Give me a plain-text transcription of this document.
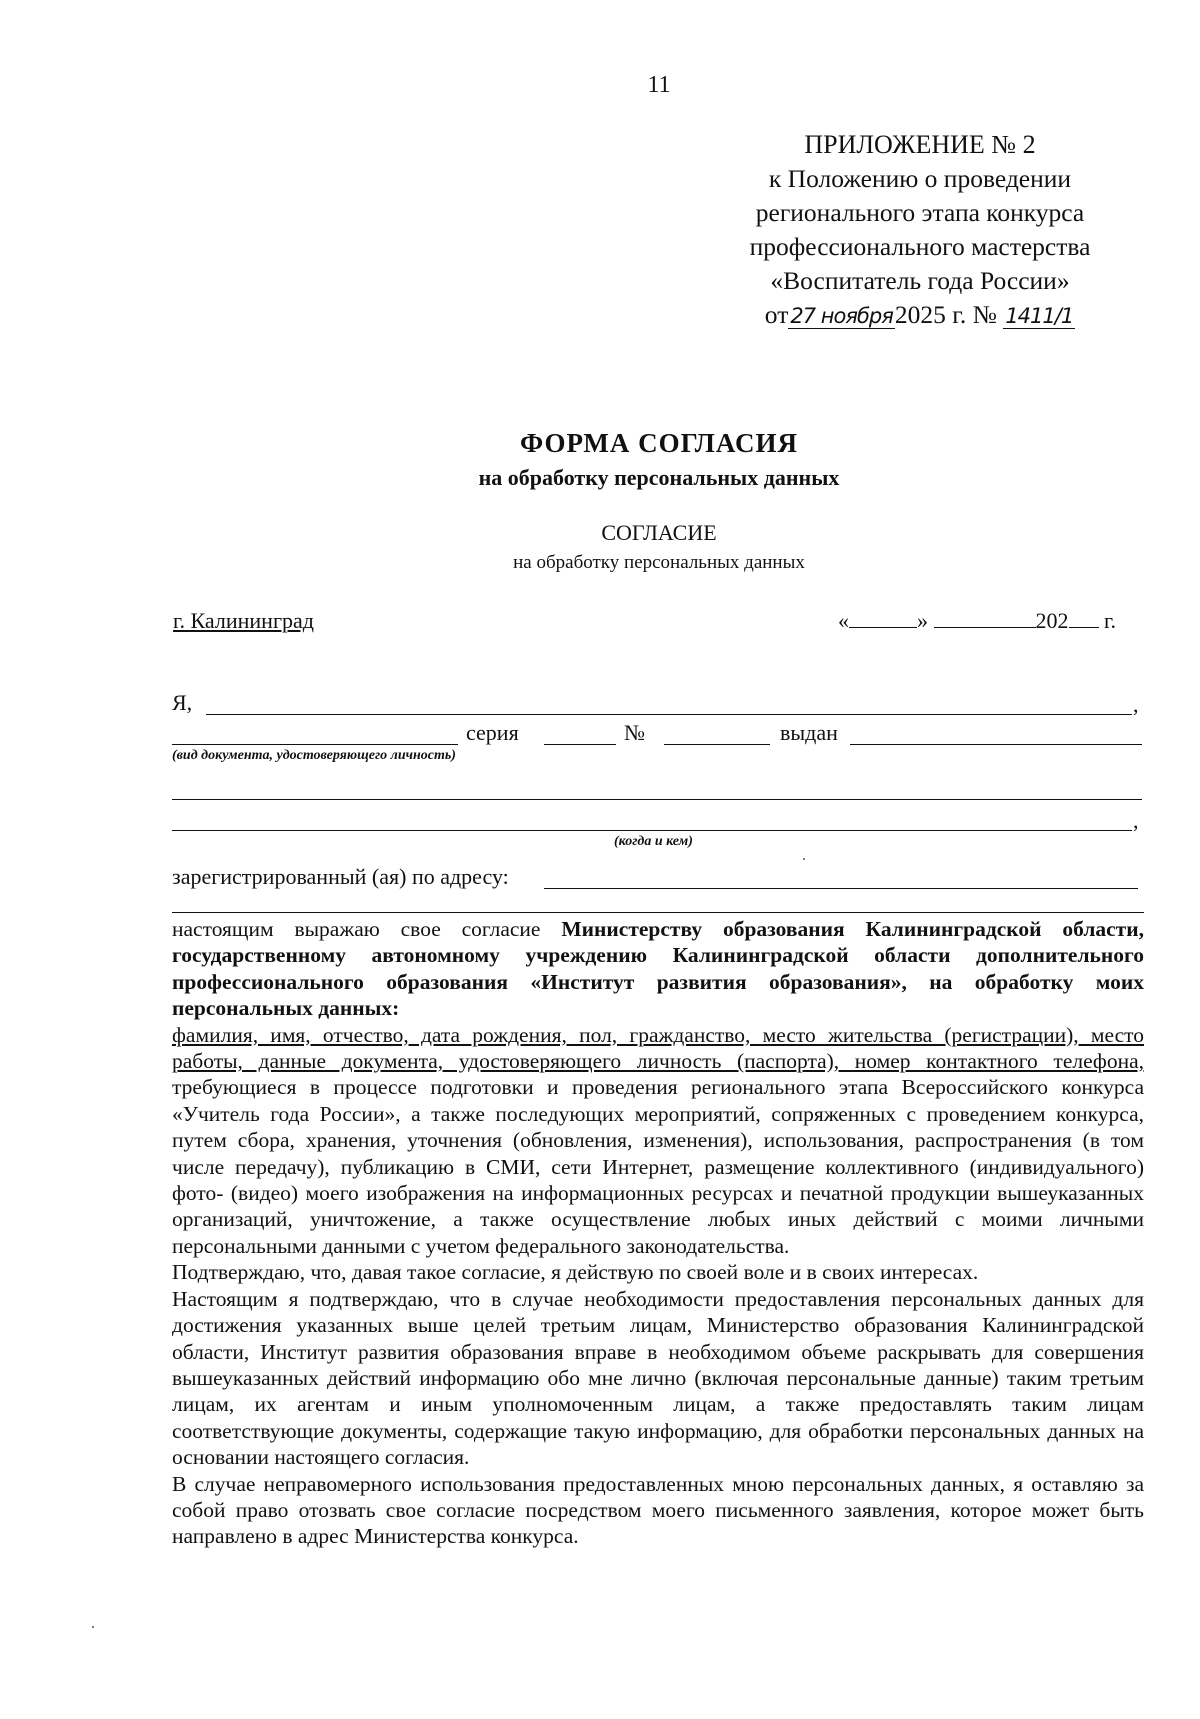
11
ПРИЛОЖЕНИЕ № 2
к Положению о проведении
регионального этапа конкурса
профессионального мастерства
«Воспитатель года России»
от27 ноября2025 г. № 1411/1
ФОРМА СОГЛАСИЯ
на обработку персональных данных
СОГЛАСИЕ
на обработку персональных данных
г. Калининград	«	»	202 г.
Я,	,
серия	№	выдан
(вид документа, удостоверяющего личность)
,
(когда и кем)
зарегистрированный (ая) по адресу:

настоящим выражаю свое согласие Министерству образования Калининградской области, государственному автономному учреждению Калининградской области дополнительного профессионального образования «Институт развития образования», на обработку моих персональных данных:

фамилия, имя, отчество, дата рождения, пол, гражданство, место жительства (регистрации), место работы, данные документа, удостоверяющего личность (паспорта), номер контактного телефона, требующиеся в процессе подготовки и проведения регионального этапа Всероссийского конкурса «Учитель года России», а также последующих мероприятий, сопряженных с проведением конкурса, путем сбора, хранения, уточнения (обновления, изменения), использования, распространения (в том числе передачу), публикацию в СМИ, сети Интернет, размещение коллективного (индивидуального) фото- (видео) моего изображения на информационных ресурсах и печатной продукции вышеуказанных организаций, уничтожение, а также осуществление любых иных действий с моими личными персональными данными с учетом федерального законодательства.

Подтверждаю, что, давая такое согласие, я действую по своей воле и в своих интересах.

Настоящим я подтверждаю, что в случае необходимости предоставления персональных данных для достижения указанных выше целей третьим лицам, Министерство образования Калининградской области, Институт развития образования вправе в необходимом объеме раскрывать для совершения вышеуказанных действий информацию обо мне лично (включая персональные данные) таким третьим лицам, их агентам и иным уполномоченным лицам, а также предоставлять таким лицам соответствующие документы, содержащие такую информацию, для обработки персональных данных на основании настоящего согласия.

В случае неправомерного использования предоставленных мною персональных данных, я оставляю за собой право отозвать свое согласие посредством моего письменного заявления, которое может быть направлено в адрес Министерства конкурса.
